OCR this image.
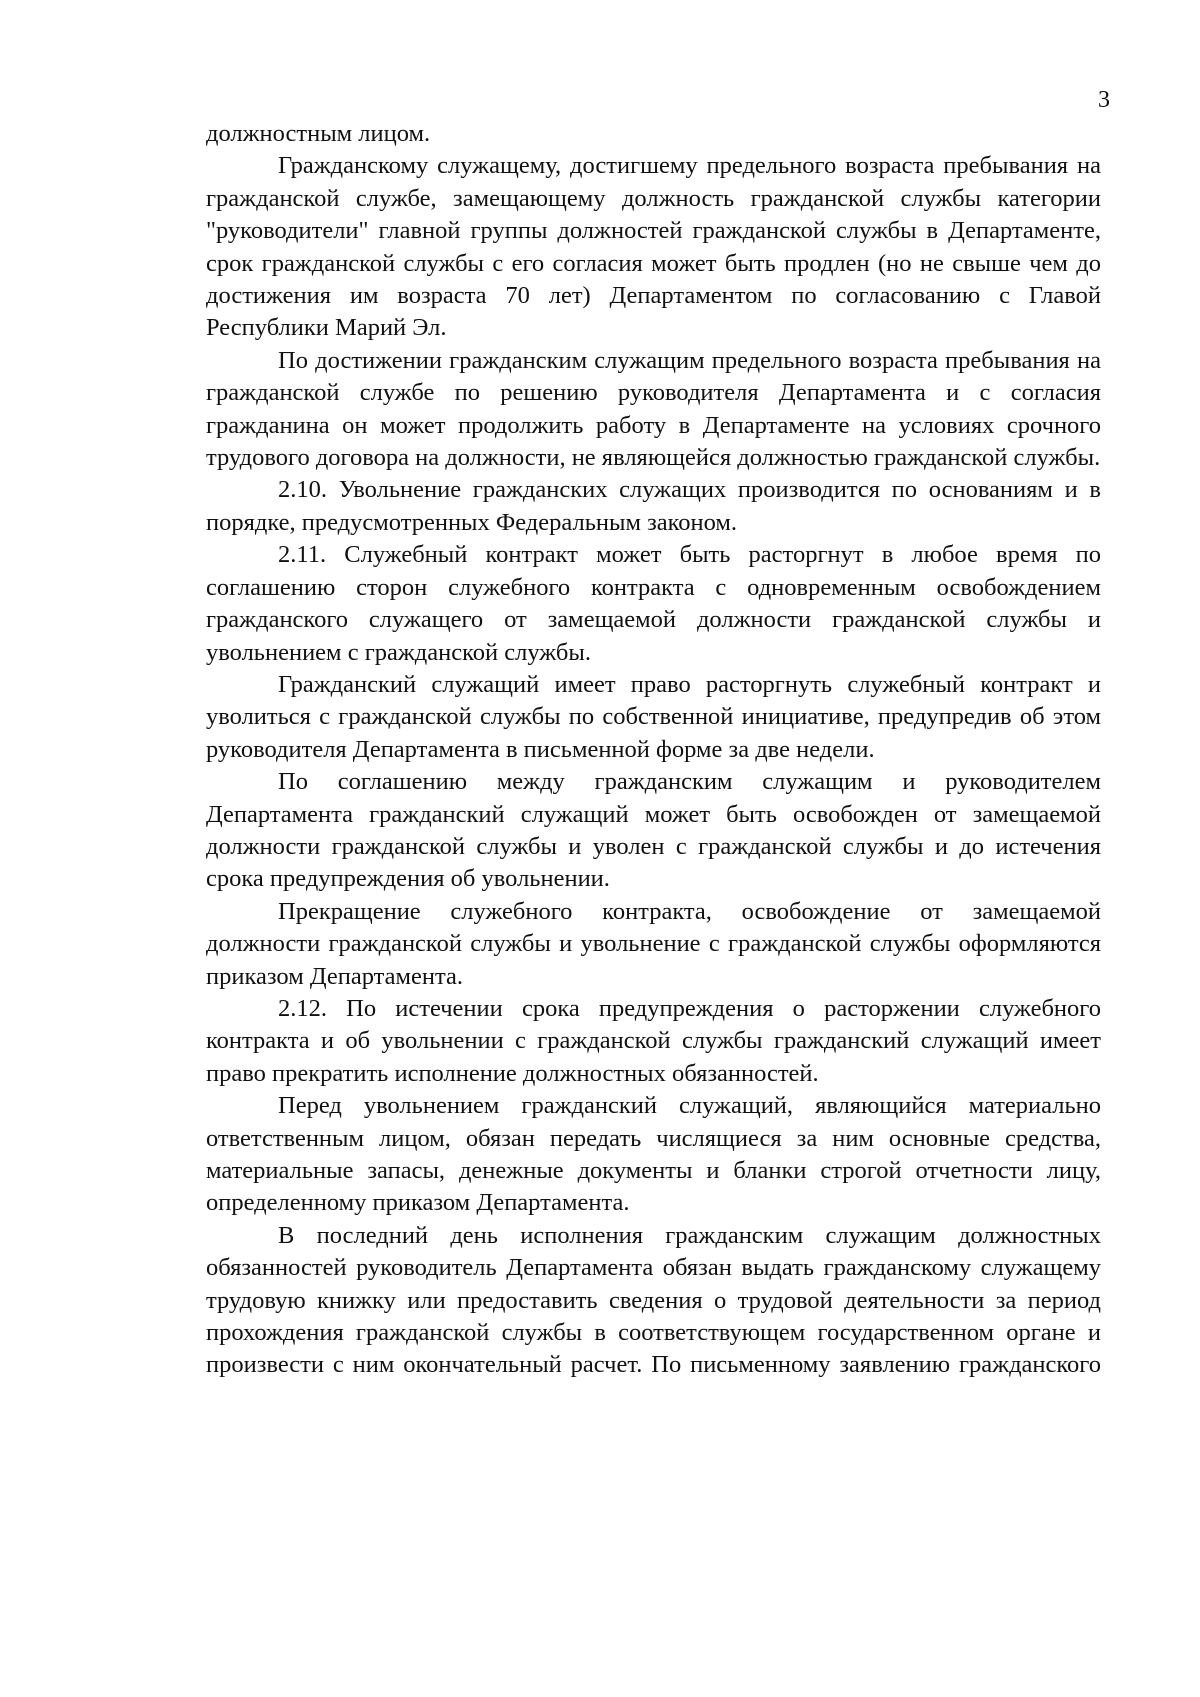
3

должностным лицом.

Гражданскому служащему, достигшему предельного возраста пребывания на гражданской службе, замещающему должность гражданской службы категории "руководители" главной группы должностей гражданской службы в Департаменте, срок гражданской службы с его согласия может быть продлен (но не свыше чем до достижения им возраста 70 лет) Департаментом по согласованию с Главой Республики Марий Эл.

По достижении гражданским служащим предельного возраста пребывания на гражданской службе по решению руководителя Департамента и с согласия гражданина он может продолжить работу в Департаменте на условиях срочного трудового договора на должности, не являющейся должностью гражданской службы.

2.10. Увольнение гражданских служащих производится по основаниям и в порядке, предусмотренных Федеральным законом.

2.11. Служебный контракт может быть расторгнут в любое время по соглашению сторон служебного контракта с одновременным освобождением гражданского служащего от замещаемой должности гражданской службы и увольнением с гражданской службы.

Гражданский служащий имеет право расторгнуть служебный контракт и уволиться с гражданской службы по собственной инициативе, предупредив об этом руководителя Департамента в письменной форме за две недели.

По соглашению между гражданским служащим и руководителем Департамента гражданский служащий может быть освобожден от замещаемой должности гражданской службы и уволен с гражданской службы и до истечения срока предупреждения об увольнении.

Прекращение служебного контракта, освобождение от замещаемой должности гражданской службы и увольнение с гражданской службы оформляются приказом Департамента.

2.12. По истечении срока предупреждения о расторжении служебного контракта и об увольнении с гражданской службы гражданский служащий имеет право прекратить исполнение должностных обязанностей.

Перед увольнением гражданский служащий, являющийся материально ответственным лицом, обязан передать числящиеся за ним основные средства, материальные запасы, денежные документы и бланки строгой отчетности лицу, определенному приказом Департамента.

В последний день исполнения гражданским служащим должностных обязанностей руководитель Департамента обязан выдать гражданскому служащему трудовую книжку или предоставить сведения о трудовой деятельности за период прохождения гражданской службы в соответствующем государственном органе и произвести с ним окончательный расчет. По письменному заявлению гражданского
